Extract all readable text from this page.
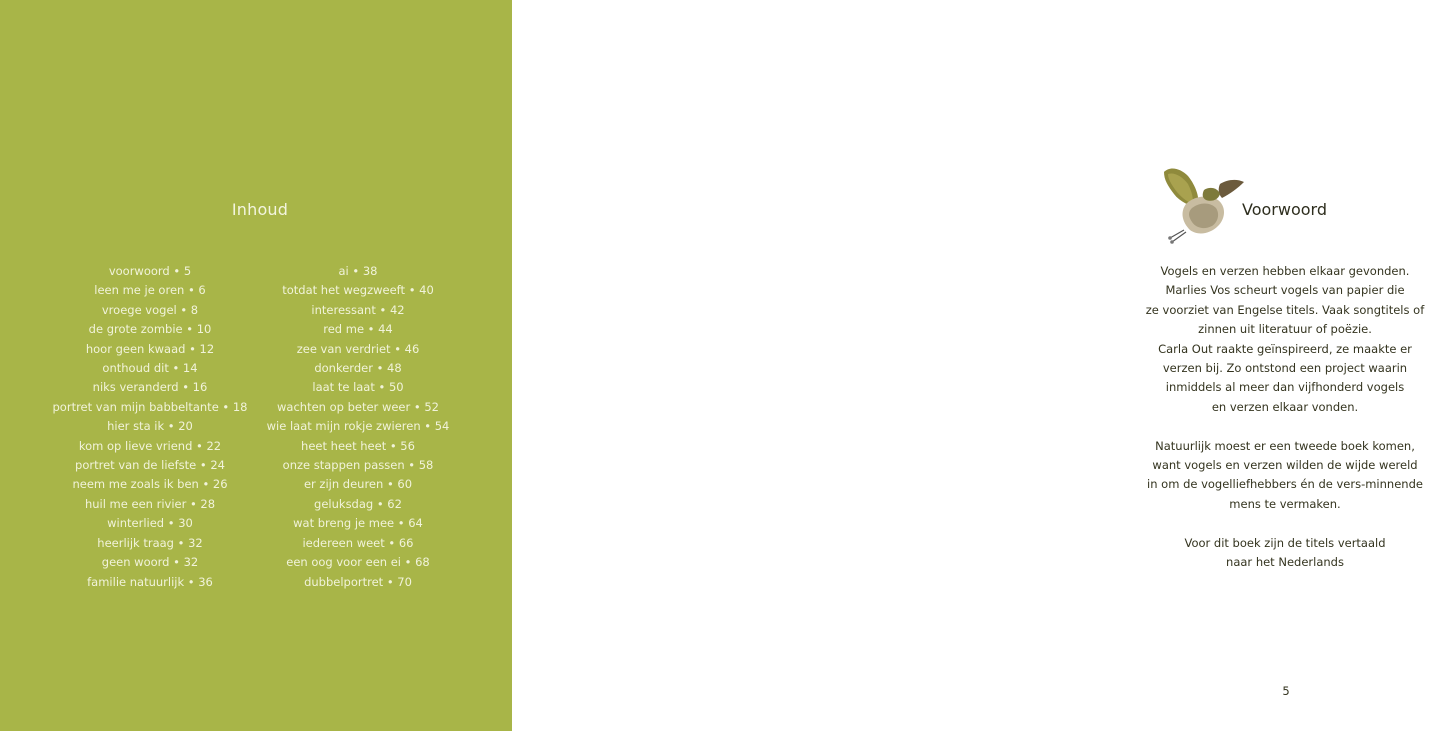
Inhoud
voorwoord • 5
leen me je oren • 6
vroege vogel • 8
de grote zombie • 10
hoor geen kwaad • 12
onthoud dit • 14
niks veranderd • 16
portret van mijn babbeltante • 18
hier sta ik • 20
kom op lieve vriend • 22
portret van de liefste • 24
neem me zoals ik ben • 26
huil me een rivier • 28
winterlied • 30
heerlijk traag • 32
geen woord • 32
familie natuurlijk • 36
ai • 38
totdat het wegzweeft • 40
interessant • 42
red me • 44
zee van verdriet • 46
donkerder • 48
laat te laat • 50
wachten op beter weer • 52
wie laat mijn rokje zwieren • 54
heet heet heet • 56
onze stappen passen • 58
er zijn deuren • 60
geluksdag • 62
wat breng je mee • 64
iedereen weet • 66
een oog voor een ei • 68
dubbelportret • 70
Voorwoord

Vogels en verzen hebben elkaar gevonden.

Marlies Vos scheurt vogels van papier die

ze voorziet van Engelse titels. Vaak songtitels of

zinnen uit literatuur of poëzie.

Carla Out raakte geïnspireerd, ze maakte er

verzen bij. Zo ontstond een project waarin

inmiddels al meer dan vijfhonderd vogels

en verzen elkaar vonden.

Natuurlijk moest er een tweede boek komen,

want vogels en verzen wilden de wijde wereld

in om de vogelliefhebbers én de vers-minnende

mens te vermaken.

Voor dit boek zijn de titels vertaald

naar het Nederlands

5
